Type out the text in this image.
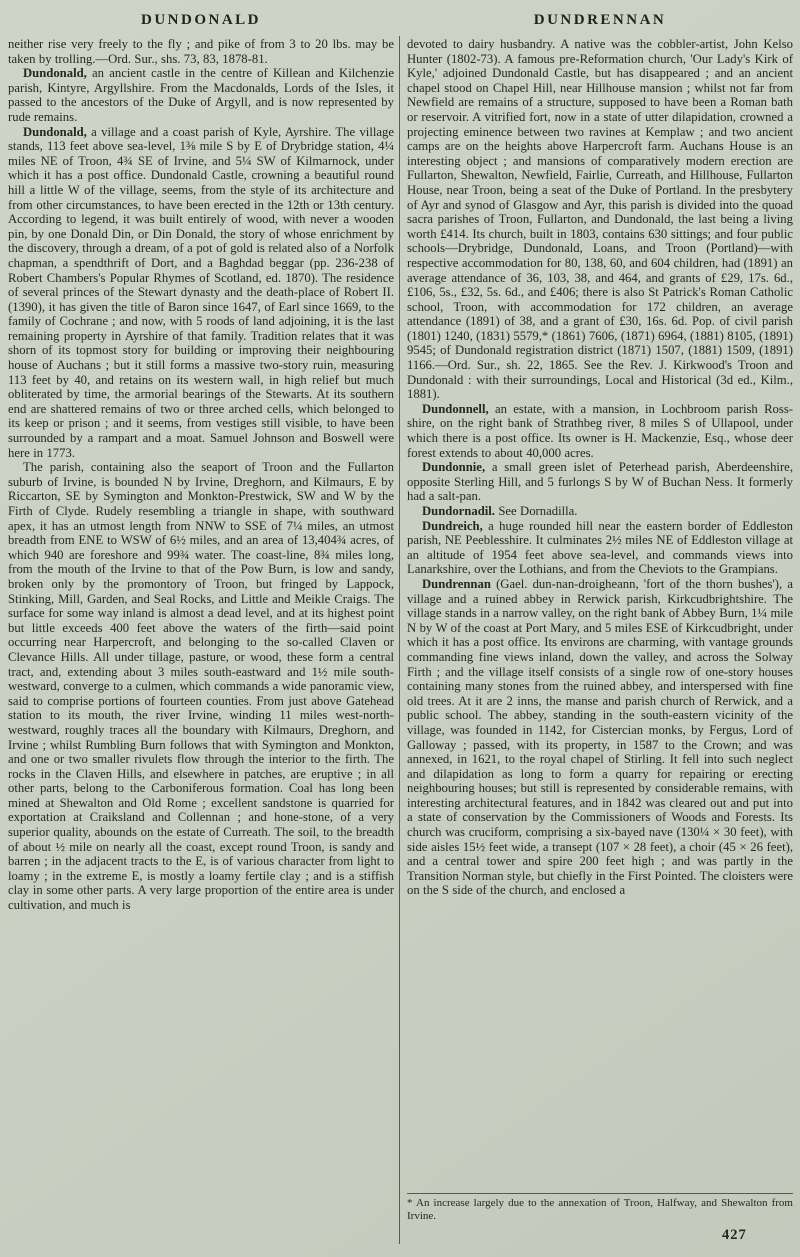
DUNDONALD

neither rise very freely to the fly ; and pike of from 3 to 20 lbs. may be taken by trolling.—Ord. Sur., shs. 73, 83, 1878-81.

Dundonald, an ancient castle in the centre of Killean and Kilchenzie parish, Kintyre, Argyllshire. From the Macdonalds, Lords of the Isles, it passed to the ancestors of the Duke of Argyll, and is now represented by rude remains.

Dundonald, a village and a coast parish of Kyle, Ayrshire. The village stands, 113 feet above sea-level, 1⅜ mile S by E of Drybridge station, 4¼ miles NE of Troon, 4¾ SE of Irvine, and 5¼ SW of Kilmarnock, under which it has a post office. Dundonald Castle, crowning a beautiful round hill a little W of the village, seems, from the style of its architecture and from other circumstances, to have been erected in the 12th or 13th century. According to legend, it was built entirely of wood, with never a wooden pin, by one Donald Din, or Din Donald, the story of whose enrichment by the discovery, through a dream, of a pot of gold is related also of a Norfolk chapman, a spendthrift of Dort, and a Baghdad beggar (pp. 236-238 of Robert Chambers's Popular Rhymes of Scotland, ed. 1870). The residence of several princes of the Stewart dynasty and the death-place of Robert II. (1390), it has given the title of Baron since 1647, of Earl since 1669, to the family of Cochrane ; and now, with 5 roods of land adjoining, it is the last remaining property in Ayrshire of that family. Tradition relates that it was shorn of its topmost story for building or improving their neighbouring house of Auchans ; but it still forms a massive two-story ruin, measuring 113 feet by 40, and retains on its western wall, in high relief but much obliterated by time, the armorial bearings of the Stewarts. At its southern end are shattered remains of two or three arched cells, which belonged to its keep or prison ; and it seems, from vestiges still visible, to have been surrounded by a rampart and a moat. Samuel Johnson and Boswell were here in 1773.

The parish, containing also the seaport of Troon and the Fullarton suburb of Irvine, is bounded N by Irvine, Dreghorn, and Kilmaurs, E by Riccarton, SE by Symington and Monkton-Prestwick, SW and W by the Firth of Clyde. Rudely resembling a triangle in shape, with southward apex, it has an utmost length from NNW to SSE of 7¼ miles, an utmost breadth from ENE to WSW of 6½ miles, and an area of 13,404¾ acres, of which 940 are foreshore and 99¾ water. The coast-line, 8¾ miles long, from the mouth of the Irvine to that of the Pow Burn, is low and sandy, broken only by the promontory of Troon, but fringed by Lappock, Stinking, Mill, Garden, and Seal Rocks, and Little and Meikle Craigs. The surface for some way inland is almost a dead level, and at its highest point but little exceeds 400 feet above the waters of the firth—said point occurring near Harpercroft, and belonging to the so-called Claven or Clevance Hills. All under tillage, pasture, or wood, these form a central tract, and, extending about 3 miles south-eastward and 1½ mile south-westward, converge to a culmen, which commands a wide panoramic view, said to comprise portions of fourteen counties. From just above Gatehead station to its mouth, the river Irvine, winding 11 miles west-north-westward, roughly traces all the boundary with Kilmaurs, Dreghorn, and Irvine ; whilst Rumbling Burn follows that with Symington and Monkton, and one or two smaller rivulets flow through the interior to the firth. The rocks in the Claven Hills, and elsewhere in patches, are eruptive ; in all other parts, belong to the Carboniferous formation. Coal has long been mined at Shewalton and Old Rome ; excellent sandstone is quarried for exportation at Craiksland and Collennan ; and hone-stone, of a very superior quality, abounds on the estate of Curreath. The soil, to the breadth of about ½ mile on nearly all the coast, except round Troon, is sandy and barren ; in the adjacent tracts to the E, is of various character from light to loamy ; in the extreme E, is mostly a loamy fertile clay ; and is a stiffish clay in some other parts. A very large proportion of the entire area is under cultivation, and much is

DUNDRENNAN

devoted to dairy husbandry. A native was the cobbler-artist, John Kelso Hunter (1802-73). A famous pre-Reformation church, 'Our Lady's Kirk of Kyle,' adjoined Dundonald Castle, but has disappeared ; and an ancient chapel stood on Chapel Hill, near Hillhouse mansion ; whilst not far from Newfield are remains of a structure, supposed to have been a Roman bath or reservoir. A vitrified fort, now in a state of utter dilapidation, crowned a projecting eminence between two ravines at Kemplaw ; and two ancient camps are on the heights above Harpercroft farm. Auchans House is an interesting object ; and mansions of comparatively modern erection are Fullarton, Shewalton, Newfield, Fairlie, Curreath, and Hillhouse, Fullarton House, near Troon, being a seat of the Duke of Portland. In the presbytery of Ayr and synod of Glasgow and Ayr, this parish is divided into the quoad sacra parishes of Troon, Fullarton, and Dundonald, the last being a living worth £414. Its church, built in 1803, contains 630 sittings; and four public schools—Drybridge, Dundonald, Loans, and Troon (Portland)—with respective accommodation for 80, 138, 60, and 604 children, had (1891) an average attendance of 36, 103, 38, and 464, and grants of £29, 17s. 6d., £106, 5s., £32, 5s. 6d., and £406; there is also St Patrick's Roman Catholic school, Troon, with accommodation for 172 children, an average attendance (1891) of 38, and a grant of £30, 16s. 6d. Pop. of civil parish (1801) 1240, (1831) 5579,* (1861) 7606, (1871) 6964, (1881) 8105, (1891) 9545; of Dundonald registration district (1871) 1507, (1881) 1509, (1891) 1166.—Ord. Sur., sh. 22, 1865. See the Rev. J. Kirkwood's Troon and Dundonald : with their surroundings, Local and Historical (3d ed., Kilm., 1881).

Dundonnell, an estate, with a mansion, in Lochbroom parish Ross-shire, on the right bank of Strathbeg river, 8 miles S of Ullapool, under which there is a post office. Its owner is H. Mackenzie, Esq., whose deer forest extends to about 40,000 acres.

Dundonnie, a small green islet of Peterhead parish, Aberdeenshire, opposite Sterling Hill, and 5 furlongs S by W of Buchan Ness. It formerly had a salt-pan.

Dundornadil. See Dornadilla.

Dundreich, a huge rounded hill near the eastern border of Eddleston parish, NE Peeblesshire. It culminates 2½ miles NE of Eddleston village at an altitude of 1954 feet above sea-level, and commands views into Lanarkshire, over the Lothians, and from the Cheviots to the Grampians.

Dundrennan (Gael. dun-nan-droigheann, 'fort of the thorn bushes'), a village and a ruined abbey in Rerwick parish, Kirkcudbrightshire. The village stands in a narrow valley, on the right bank of Abbey Burn, 1¼ mile N by W of the coast at Port Mary, and 5 miles ESE of Kirkcudbright, under which it has a post office. Its environs are charming, with vantage grounds commanding fine views inland, down the valley, and across the Solway Firth ; and the village itself consists of a single row of one-story houses containing many stones from the ruined abbey, and interspersed with fine old trees. At it are 2 inns, the manse and parish church of Rerwick, and a public school. The abbey, standing in the south-eastern vicinity of the village, was founded in 1142, for Cistercian monks, by Fergus, Lord of Galloway ; passed, with its property, in 1587 to the Crown; and was annexed, in 1621, to the royal chapel of Stirling. It fell into such neglect and dilapidation as long to form a quarry for repairing or erecting neighbouring houses; but still is represented by considerable remains, with interesting architectural features, and in 1842 was cleared out and put into a state of conservation by the Commissioners of Woods and Forests. Its church was cruciform, comprising a six-bayed nave (130¼ × 30 feet), with side aisles 15½ feet wide, a transept (107 × 28 feet), a choir (45 × 26 feet), and a central tower and spire 200 feet high ; and was partly in the Transition Norman style, but chiefly in the First Pointed. The cloisters were on the S side of the church, and enclosed a

* An increase largely due to the annexation of Troon, Halfway, and Shewalton from Irvine.
427
